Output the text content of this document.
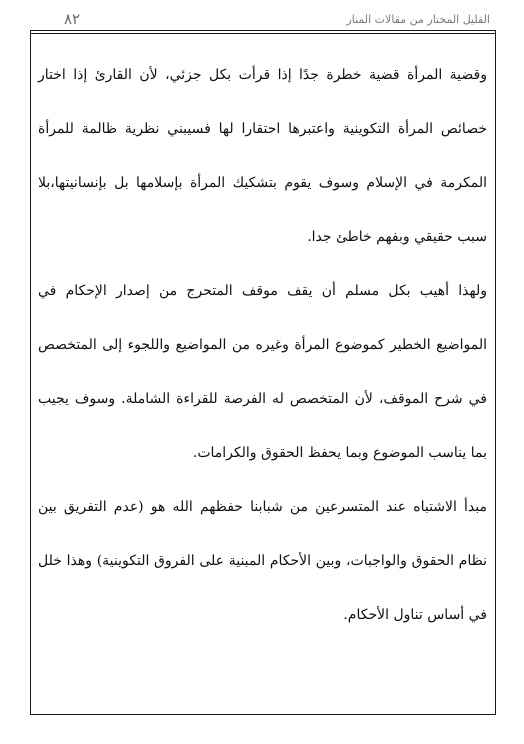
القليل المختار من مقالات المنار
٨٢

وقضية المرأة قضية خطرة جدًا إذا قرأت بكل جزئي، لأن القارئ إذا اختار خصائص المرأة التكوينية واعتبرها احتقارا لها فسيبني نظرية ظالمة للمرأة المكرمة في الإسلام وسوف يقوم بتشكيك المرأة بإسلامها بل بإنسانيتها،بلا سبب حقيقي وبفهم خاطئ جدا.

ولهذا أهيب بكل مسلم أن يقف موقف المتحرج من إصدار الإحكام في المواضيع الخطير كموضوع المرأة وغيره من المواضيع واللجوء إلى المتخصص في شرح الموقف، لأن المتخصص له الفرصة للقراءة الشاملة. وسوف يجيب بما يناسب الموضوع وبما يحفظ الحقوق والكرامات.

مبدأ الاشتباه عند المتسرعين من شبابنا حفظهم الله هو (عدم التفريق بين نظام الحقوق والواجبات، وبين الأحكام المبنية على الفروق التكوينية) وهذا خلل في أساس تناول الأحكام.
